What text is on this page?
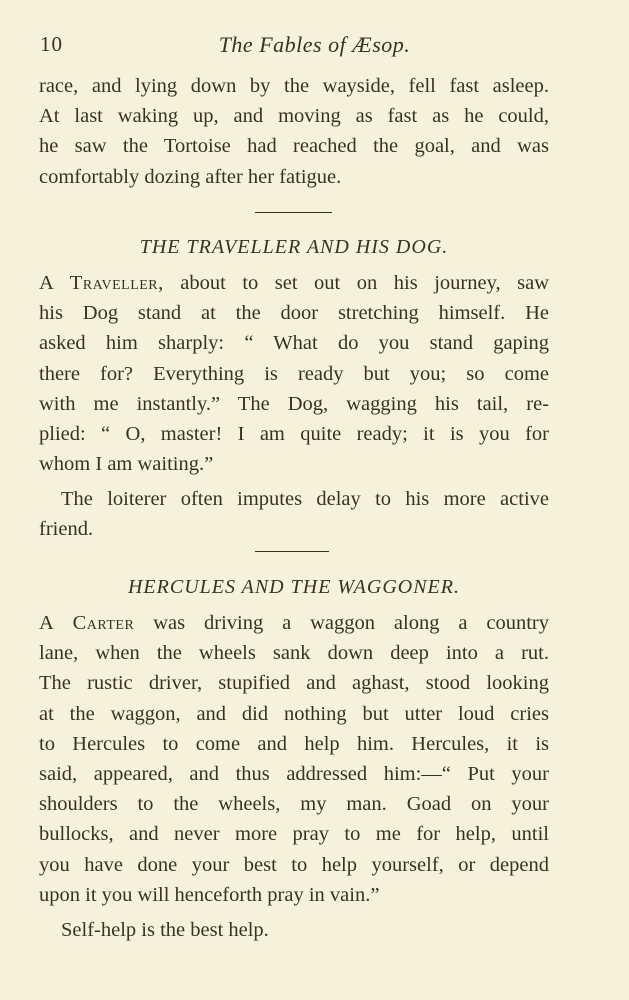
10	The Fables of Æsop.
race, and lying down by the wayside, fell fast asleep.
At last waking up, and moving as fast as he could,
he saw the Tortoise had reached the goal, and was
comfortably dozing after her fatigue.
THE TRAVELLER AND HIS DOG.
A Traveller, about to set out on his journey, saw
his Dog stand at the door stretching himself. He
asked him sharply: “ What do you stand gaping
there for? Everything is ready but you; so come
with me instantly.” The Dog, wagging his tail, re-
plied: “ O, master! I am quite ready; it is you for
whom I am waiting.”
The loiterer often imputes delay to his more active
friend.
HERCULES AND THE WAGGONER.
A Carter was driving a waggon along a country
lane, when the wheels sank down deep into a rut.
The rustic driver, stupified and aghast, stood looking
at the waggon, and did nothing but utter loud cries
to Hercules to come and help him. Hercules, it is
said, appeared, and thus addressed him:—“ Put your
shoulders to the wheels, my man. Goad on your
bullocks, and never more pray to me for help, until
you have done your best to help yourself, or depend
upon it you will henceforth pray in vain.”
Self-help is the best help.
